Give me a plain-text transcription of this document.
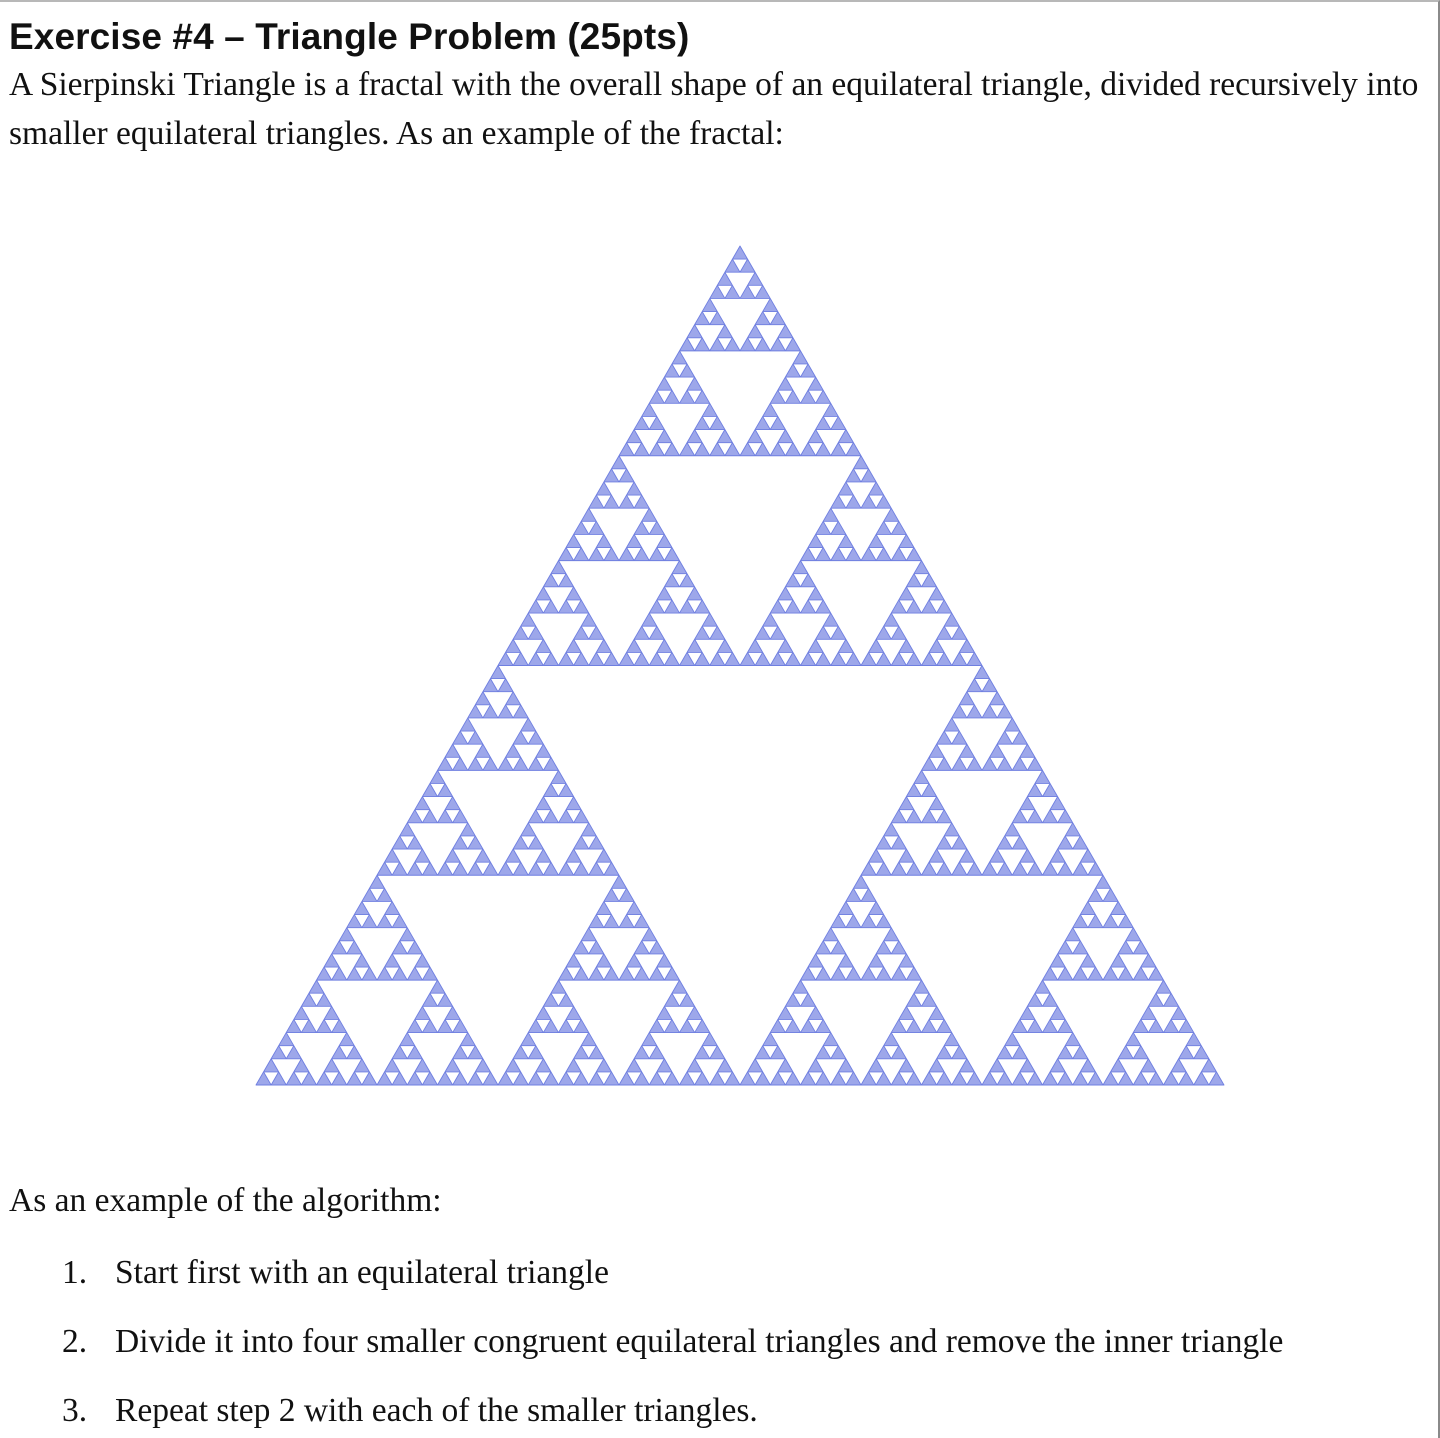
Exercise #4 – Triangle Problem (25pts)

A Sierpinski Triangle is a fractal with the overall shape of an equilateral triangle, divided recursively into smaller equilateral triangles. As an example of the fractal:

As an example of the algorithm:

1. Start first with an equilateral triangle
2. Divide it into four smaller congruent equilateral triangles and remove the inner triangle
3. Repeat step 2 with each of the smaller triangles.
